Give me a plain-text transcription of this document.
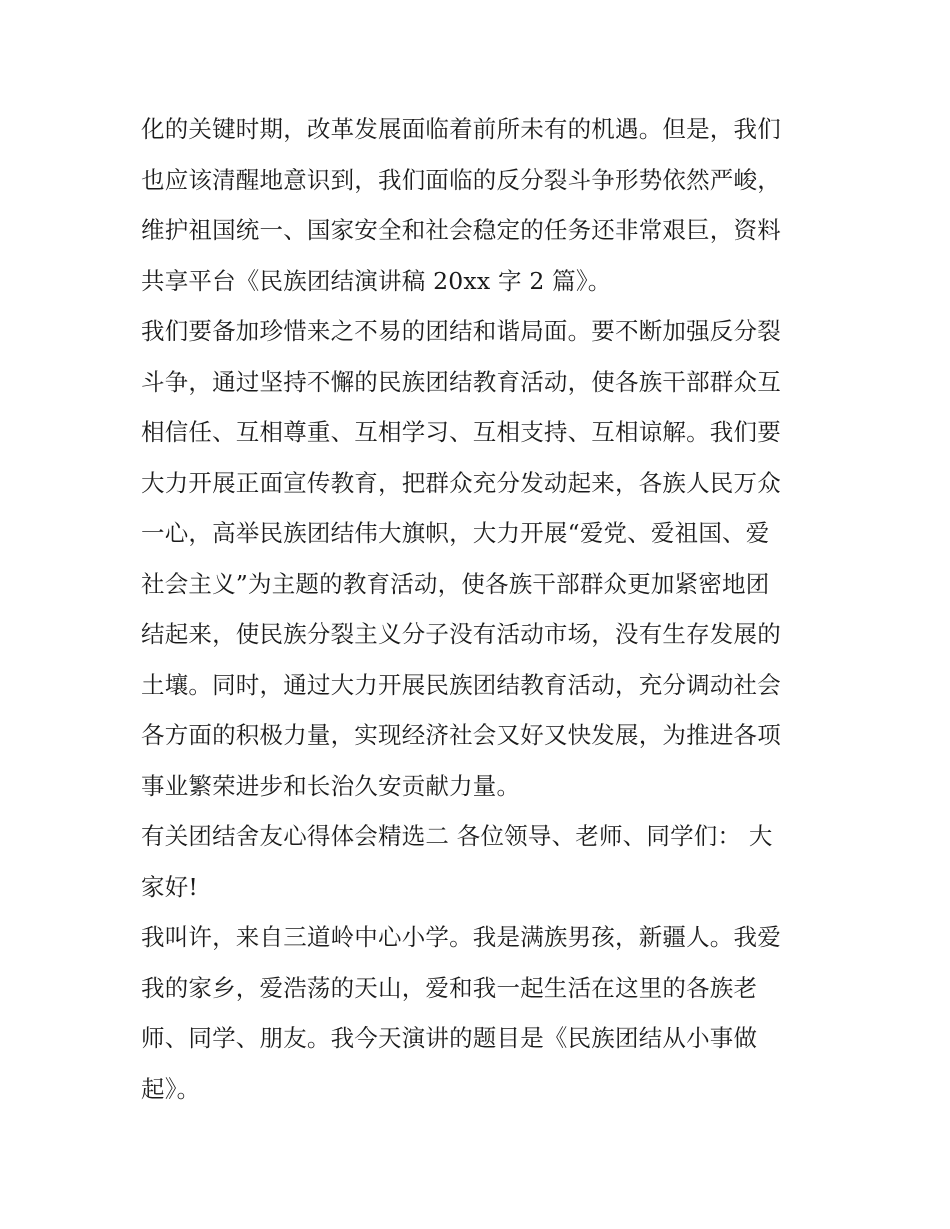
化的关键时期，改革发展面临着前所未有的机遇。但是，我们
也应该清醒地意识到，我们面临的反分裂斗争形势依然严峻，
维护祖国统一、国家安全和社会稳定的任务还非常艰巨，资料
共享平台《民族团结演讲稿 20xx 字 2 篇》。
我们要备加珍惜来之不易的团结和谐局面。要不断加强反分裂
斗争，通过坚持不懈的民族团结教育活动，使各族干部群众互
相信任、互相尊重、互相学习、互相支持、互相谅解。我们要
大力开展正面宣传教育，把群众充分发动起来，各族人民万众
一心，高举民族团结伟大旗帜，大力开展“爱党、爱祖国、爱
社会主义”为主题的教育活动，使各族干部群众更加紧密地团
结起来，使民族分裂主义分子没有活动市场，没有生存发展的
土壤。同时，通过大力开展民族团结教育活动，充分调动社会
各方面的积极力量，实现经济社会又好又快发展，为推进各项
事业繁荣进步和长治久安贡献力量。
有关团结舍友心得体会精选二 各位领导、老师、同学们： 大
家好!
我叫许，来自三道岭中心小学。我是满族男孩，新疆人。我爱
我的家乡，爱浩荡的天山，爱和我一起生活在这里的各族老
师、同学、朋友。我今天演讲的题目是《民族团结从小事做
起》。
